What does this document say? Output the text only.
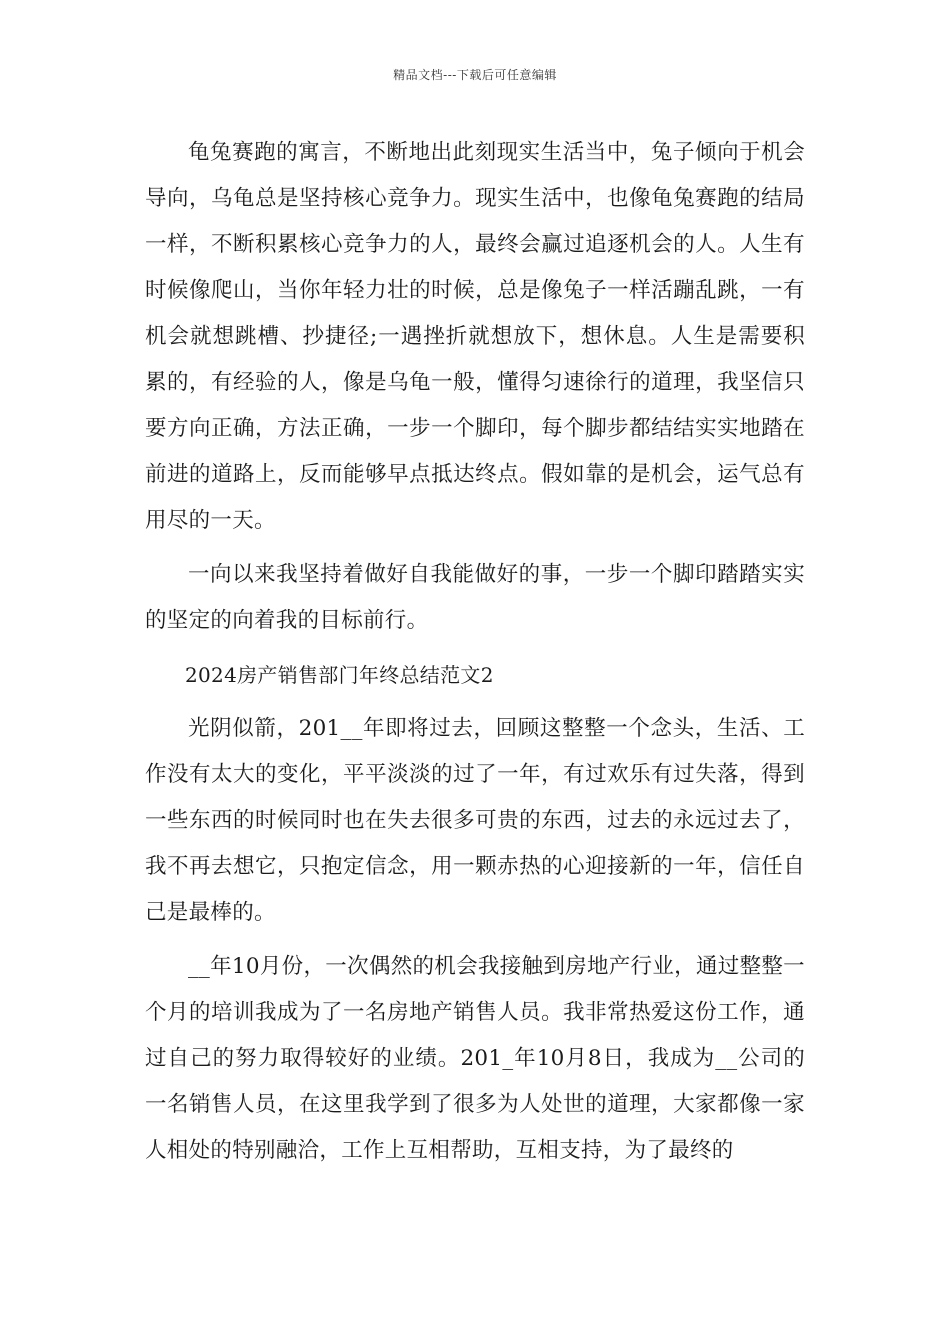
精品文档---下载后可任意编辑

龟兔赛跑的寓言，不断地出此刻现实生活当中，兔子倾向于机会导向，乌龟总是坚持核心竞争力。现实生活中，也像龟兔赛跑的结局一样，不断积累核心竞争力的人，最终会赢过追逐机会的人。人生有时候像爬山，当你年轻力壮的时候，总是像兔子一样活蹦乱跳，一有机会就想跳槽、抄捷径;一遇挫折就想放下，想休息。人生是需要积累的，有经验的人，像是乌龟一般，懂得匀速徐行的道理，我坚信只要方向正确，方法正确，一步一个脚印，每个脚步都结结实实地踏在前进的道路上，反而能够早点抵达终点。假如靠的是机会，运气总有用尽的一天。

一向以来我坚持着做好自我能做好的事，一步一个脚印踏踏实实的坚定的向着我的目标前行。

2024房产销售部门年终总结范文2

光阴似箭，201__年即将过去，回顾这整整一个念头，生活、工作没有太大的变化，平平淡淡的过了一年，有过欢乐有过失落，得到一些东西的时候同时也在失去很多可贵的东西，过去的永远过去了，我不再去想它，只抱定信念，用一颗赤热的心迎接新的一年，信任自己是最棒的。

__年10月份，一次偶然的机会我接触到房地产行业，通过整整一个月的培训我成为了一名房地产销售人员。我非常热爱这份工作，通过自己的努力取得较好的业绩。201_年10月8日，我成为__公司的一名销售人员，在这里我学到了很多为人处世的道理，大家都像一家人相处的特别融洽，工作上互相帮助，互相支持，为了最终的
